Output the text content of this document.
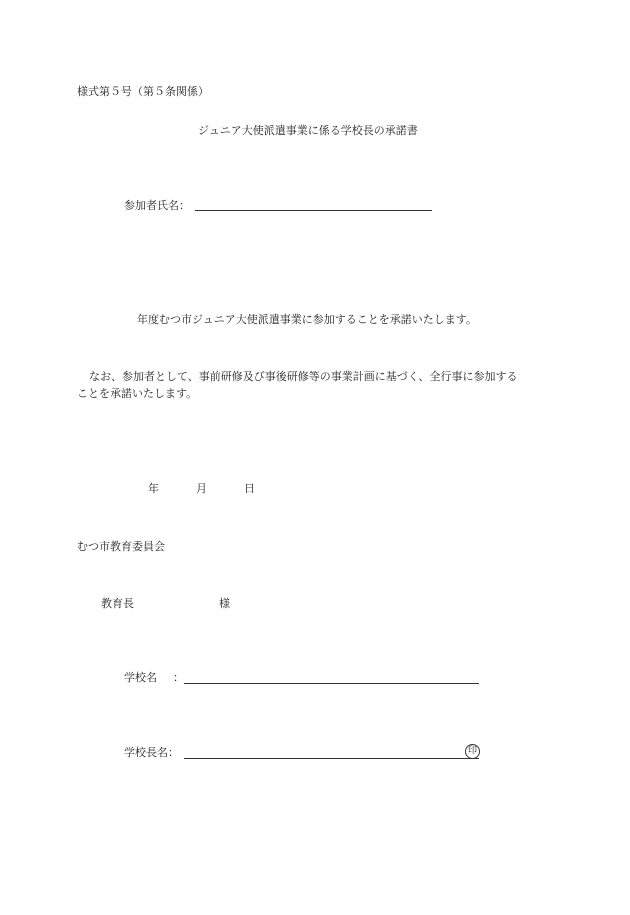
様式第５号（第５条関係）
ジュニア大使派遣事業に係る学校長の承諾書
参加者氏名：
年度むつ市ジュニア大使派遣事業に参加することを承諾いたします。
なお、参加者として、事前研修及び事後研修等の事業計画に基づく、全行事に参加する
ことを承諾いたします。
年	月	日
むつ市教育委員会
教育長	様
学校名 ：
学校長名：	印
